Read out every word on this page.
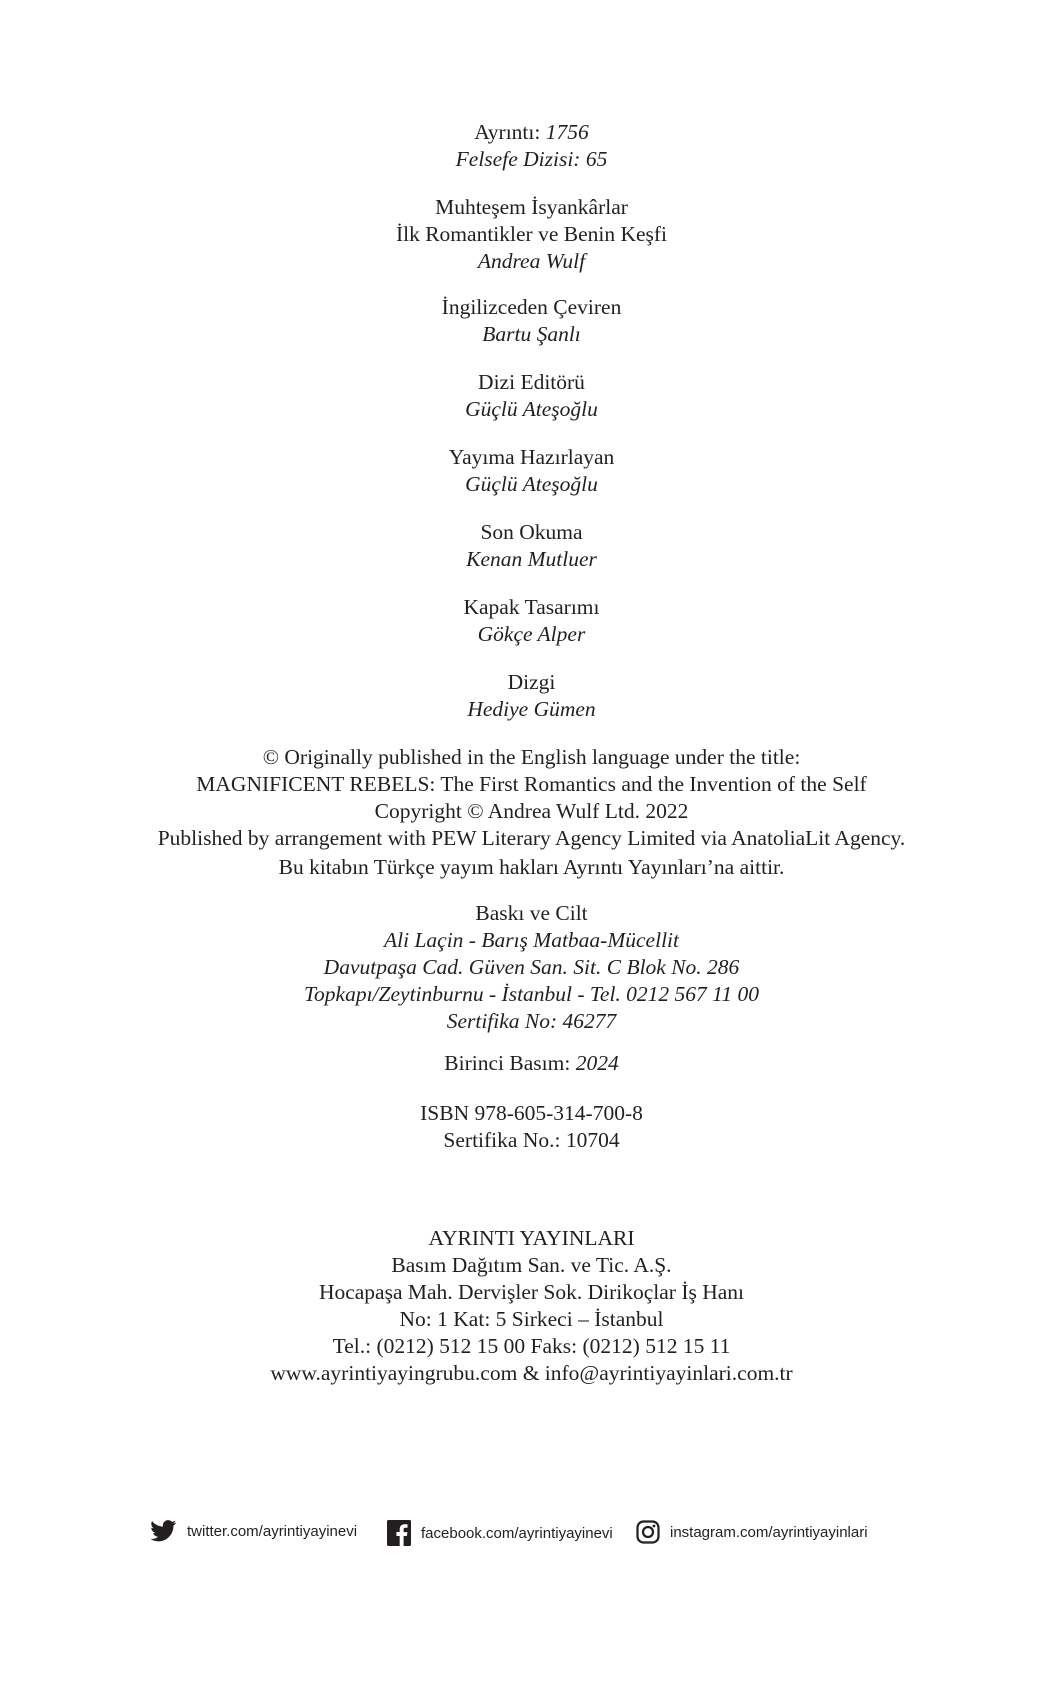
Ayrıntı: 1756
Felsefe Dizisi: 65
Muhteşem İsyankârlar
İlk Romantikler ve Benin Keşfi
Andrea Wulf
İngilizceden Çeviren
Bartu Şanlı
Dizi Editörü
Güçlü Ateşoğlu
Yayıma Hazırlayan
Güçlü Ateşoğlu
Son Okuma
Kenan Mutluer
Kapak Tasarımı
Gökçe Alper
Dizgi
Hediye Gümen
© Originally published in the English language under the title:
MAGNIFICENT REBELS: The First Romantics and the Invention of the Self
Copyright © Andrea Wulf Ltd. 2022
Published by arrangement with PEW Literary Agency Limited via AnatoliaLit Agency.
Bu kitabın Türkçe yayım hakları Ayrıntı Yayınları’na aittir.
Baskı ve Cilt
Ali Laçin - Barış Matbaa-Mücellit
Davutpaşa Cad. Güven San. Sit. C Blok No. 286
Topkapı/Zeytinburnu - İstanbul - Tel. 0212 567 11 00
Sertifika No: 46277
Birinci Basım: 2024
ISBN 978-605-314-700-8
Sertifika No.: 10704
AYRINTI YAYINLARI
Basım Dağıtım San. ve Tic. A.Ş.
Hocapaşa Mah. Dervişler Sok. Dirikoçlar İş Hanı
No: 1 Kat: 5 Sirkeci – İstanbul
Tel.: (0212) 512 15 00 Faks: (0212) 512 15 11
www.ayrintiyayingrubu.com & info@ayrintiyayinlari.com.tr
twitter.com/ayrintiyayinevi	facebook.com/ayrintiyayinevi	instagram.com/ayrintiyayinlari
